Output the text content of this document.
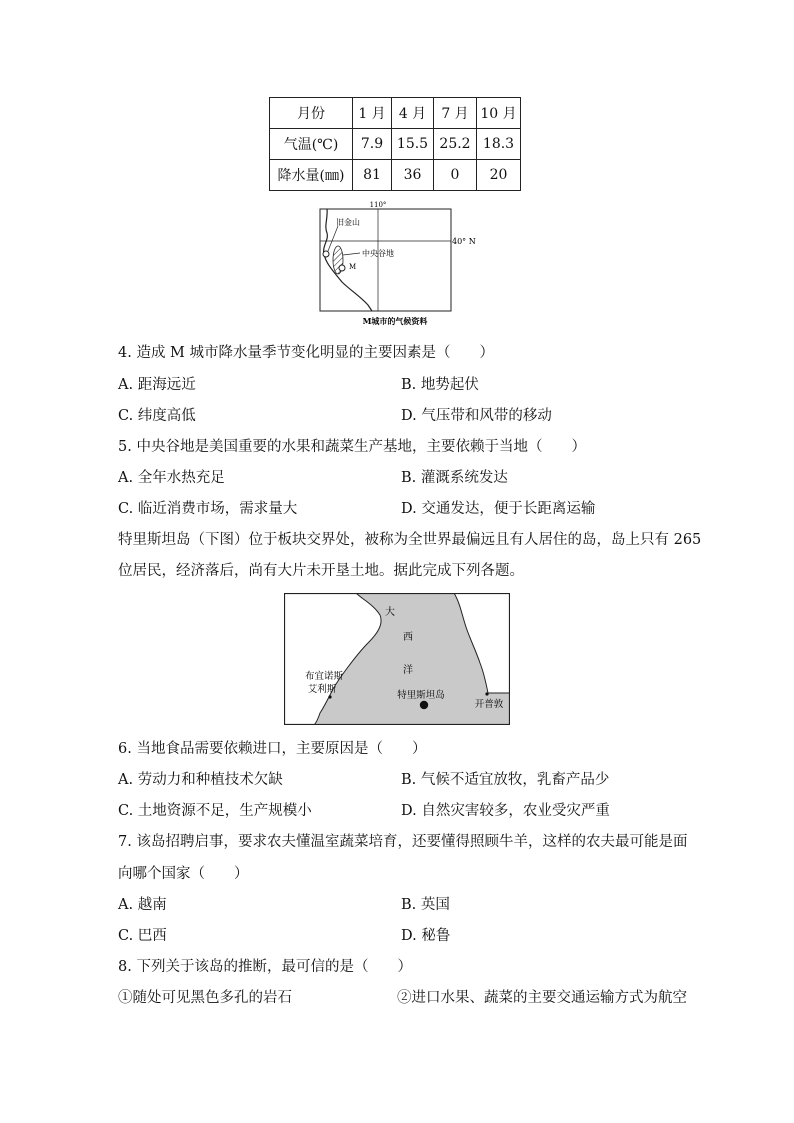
月份	1 月	4 月	7 月	10 月
气温(℃)	7.9	15.5	25.2	18.3
降水量(㎜)	81	36	0	20
110°
40° N
旧金山
中央谷地
M
M城市的气候资料
4. 造成 M 城市降水量季节变化明显的主要因素是（　　）
A. 距海远近	B. 地势起伏
C. 纬度高低	D. 气压带和风带的移动
5. 中央谷地是美国重要的水果和蔬菜生产基地，主要依赖于当地（　　）
A. 全年水热充足	B. 灌溉系统发达
C. 临近消费市场，需求量大	D. 交通发达，便于长距离运输
特里斯坦岛（下图）位于板块交界处，被称为全世界最偏远且有人居住的岛，岛上只有 265
位居民，经济落后，尚有大片未开垦土地。据此完成下列各题。
大
西
洋
布宜诺斯
艾利斯
特里斯坦岛
开普敦
6. 当地食品需要依赖进口，主要原因是（　　）
A. 劳动力和种植技术欠缺	B. 气候不适宜放牧，乳畜产品少
C. 土地资源不足，生产规模小	D. 自然灾害较多，农业受灾严重
7. 该岛招聘启事，要求农夫懂温室蔬菜培育，还要懂得照顾牛羊，这样的农夫最可能是面
向哪个国家（　　）
A. 越南	B. 英国
C. 巴西	D. 秘鲁
8. 下列关于该岛的推断，最可信的是（　　）
①随处可见黑色多孔的岩石	②进口水果、蔬菜的主要交通运输方式为航空
